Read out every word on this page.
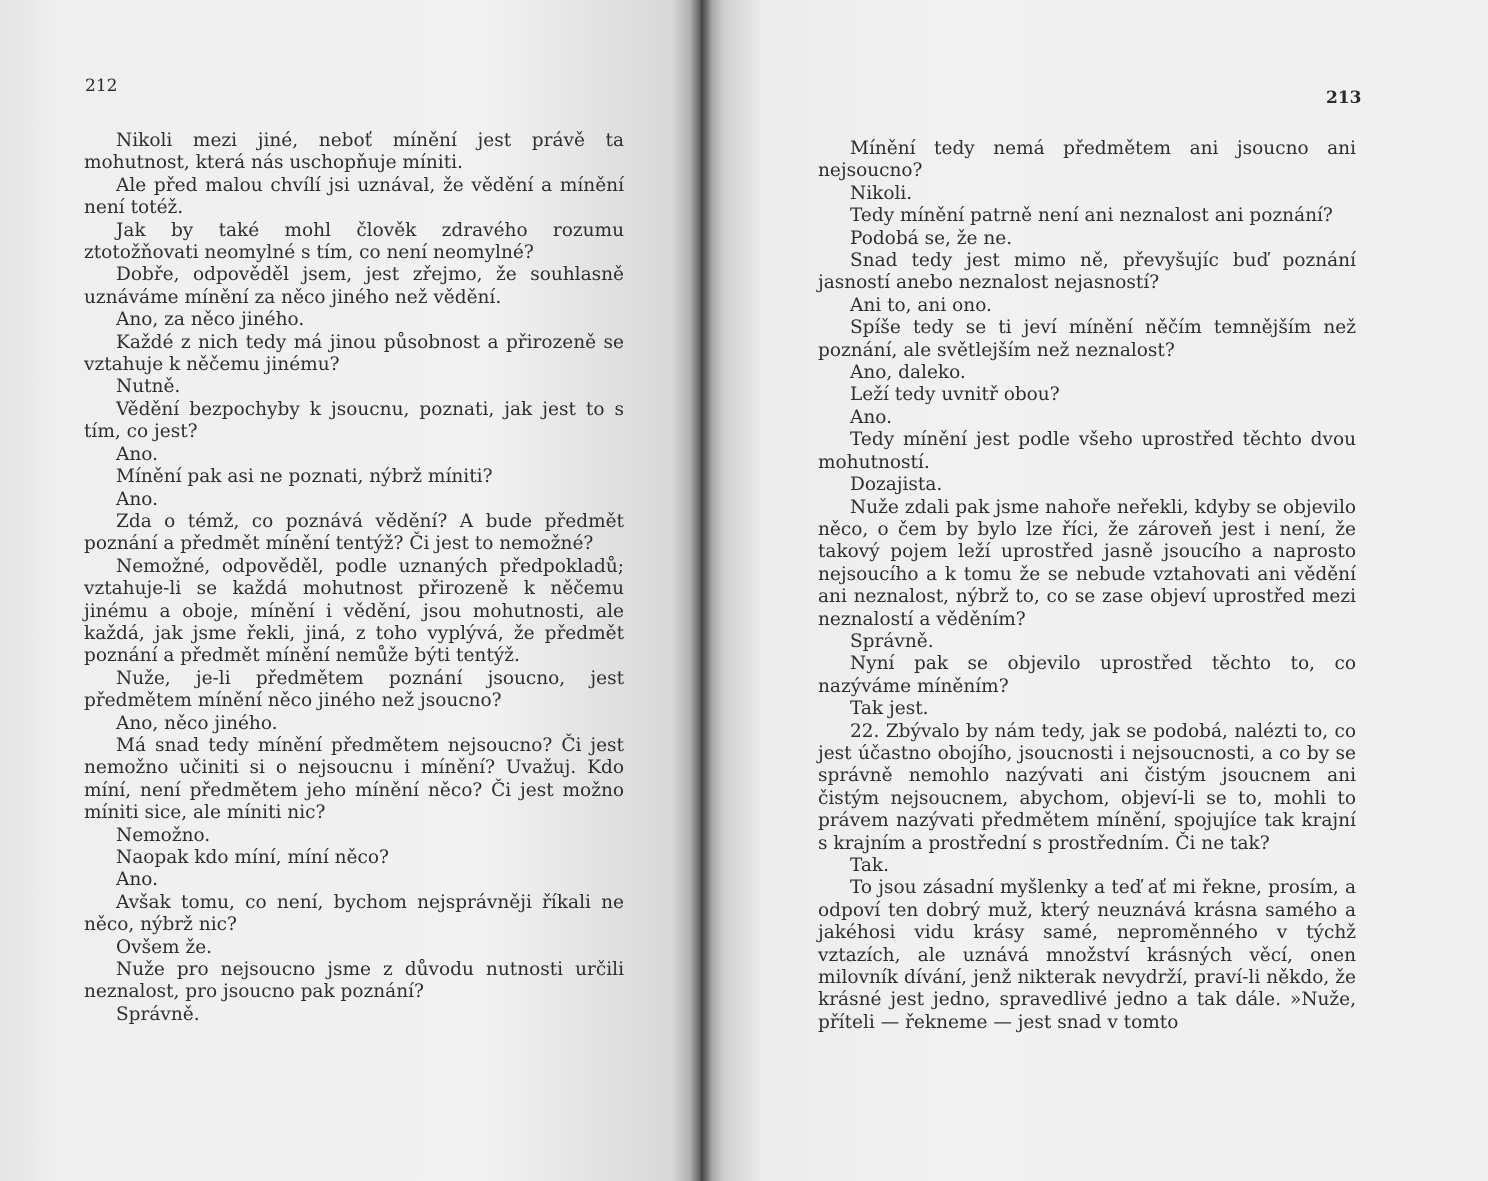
212

Nikoli mezi jiné, neboť mínění jest právě ta mohutnost, která nás uschopňuje míniti.

Ale před malou chvílí jsi uznával, že vědění a mínění není totéž.

Jak by také mohl člověk zdravého rozumu ztotožňovati neomylné s tím, co není neomylné?

Dobře, odpověděl jsem, jest zřejmo, že souhlasně uznáváme mínění za něco jiného než vědění.

Ano, za něco jiného.

Každé z nich tedy má jinou působnost a přirozeně se vztahuje k něčemu jinému?

Nutně.

Vědění bezpochyby k jsoucnu, poznati, jak jest to s tím, co jest?

Ano.

Mínění pak asi ne poznati, nýbrž míniti?

Ano.

Zda o témž, co poznává vědění? A bude předmět poznání a předmět mínění tentýž? Či jest to nemožné?

Nemožné, odpověděl, podle uznaných předpokladů; vztahuje-li se každá mohutnost přirozeně k něčemu jinému a oboje, mínění i vědění, jsou mohutnosti, ale každá, jak jsme řekli, jiná, z toho vyplývá, že předmět poznání a předmět mínění nemůže býti tentýž.

Nuže, je-li předmětem poznání jsoucno, jest předmětem mínění něco jiného než jsoucno?

Ano, něco jiného.

Má snad tedy mínění předmětem nejsoucno? Či jest nemožno učiniti si o nejsoucnu i mínění? Uvažuj. Kdo míní, není předmětem jeho mínění něco? Či jest možno míniti sice, ale míniti nic?

Nemožno.

Naopak kdo míní, míní něco?

Ano.

Avšak tomu, co není, bychom nejsprávněji říkali ne něco, nýbrž nic?

Ovšem že.

Nuže pro nejsoucno jsme z důvodu nutnosti určili neznalost, pro jsoucno pak poznání?

Správně.

213

Mínění tedy nemá předmětem ani jsoucno ani nejsoucno?

Nikoli.

Tedy mínění patrně není ani neznalost ani poznání?

Podobá se, že ne.

Snad tedy jest mimo ně, převyšujíc buď poznání jasností anebo neznalost nejasností?

Ani to, ani ono.

Spíše tedy se ti jeví mínění něčím temnějším než poznání, ale světlejším než neznalost?

Ano, daleko.

Leží tedy uvnitř obou?

Ano.

Tedy mínění jest podle všeho uprostřed těchto dvou mohutností.

Dozajista.

Nuže zdali pak jsme nahoře neřekli, kdyby se objevilo něco, o čem by bylo lze říci, že zároveň jest i není, že takový pojem leží uprostřed jasně jsoucího a naprosto nejsoucího a k tomu že se nebude vztahovati ani vědění ani neznalost, nýbrž to, co se zase objeví uprostřed mezi neznalostí a věděním?

Správně.

Nyní pak se objevilo uprostřed těchto to, co nazýváme míněním?

Tak jest.

22. Zbývalo by nám tedy, jak se podobá, nalézti to, co jest účastno obojího, jsoucnosti i nejsoucnosti, a co by se správně nemohlo nazývati ani čistým jsoucnem ani čistým nejsoucnem, abychom, objeví-li se to, mohli to právem nazývati předmětem mínění, spojujíce tak krajní s krajním a prostřední s prostředním. Či ne tak?

Tak.

To jsou zásadní myšlenky a teď ať mi řekne, prosím, a odpoví ten dobrý muž, který neuznává krásna samého a jakéhosi vidu krásy samé, neproměnného v týchž vztazích, ale uznává množství krásných věcí, onen milovník dívání, jenž nikterak nevydrží, praví-li někdo, že krásné jest jedno, spravedlivé jedno a tak dále. »Nuže, příteli — řekneme — jest snad v tomto
